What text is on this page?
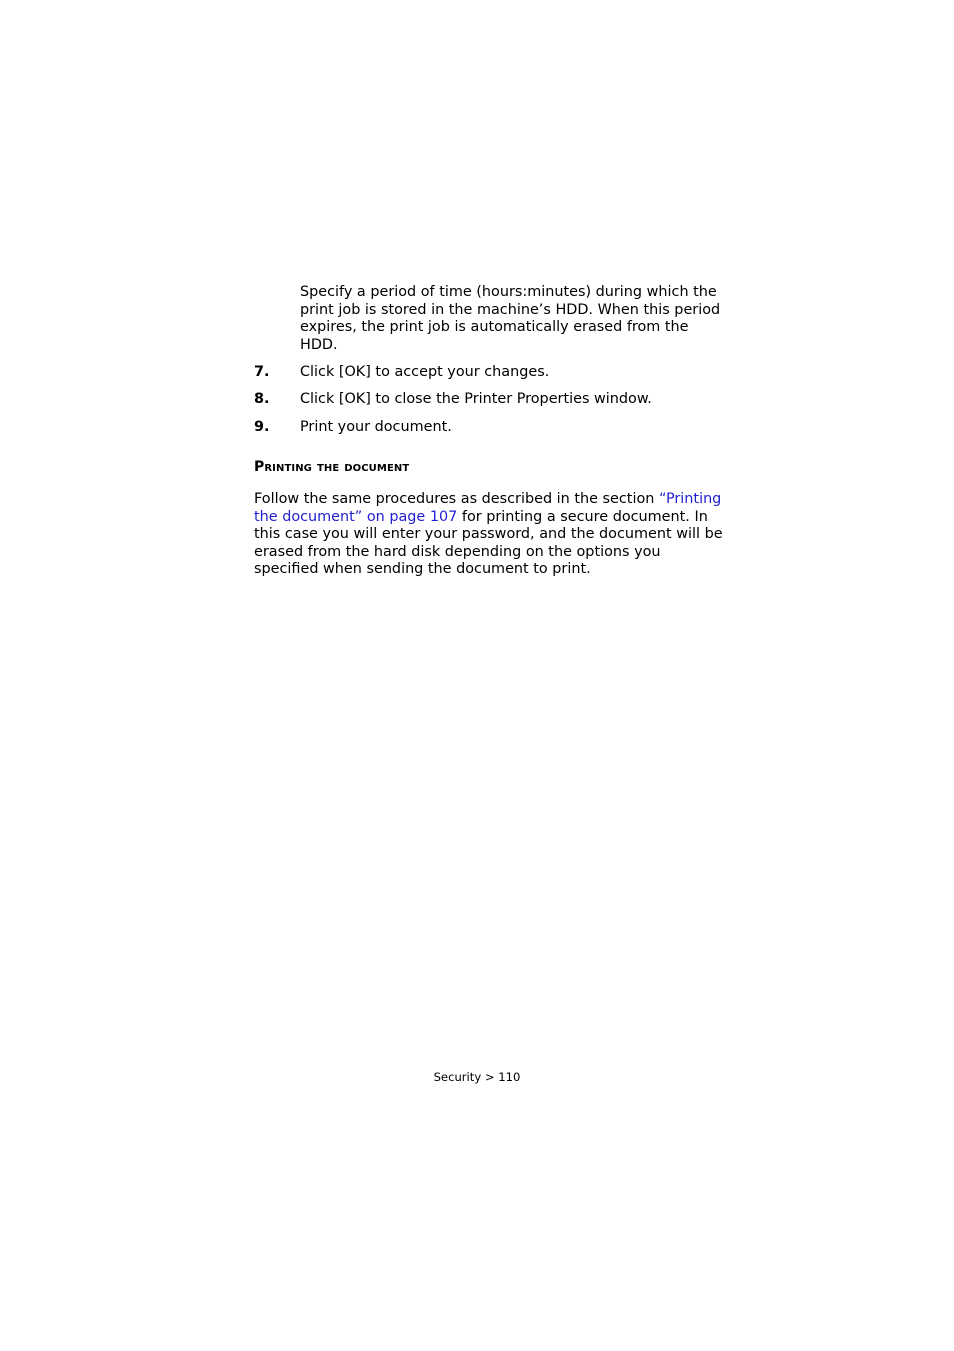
Specify a period of time (hours:minutes) during which the print job is stored in the machine’s HDD. When this period expires, the print job is automatically erased from the HDD.
7. Click [OK] to accept your changes.
8. Click [OK] to close the Printer Properties window.
9. Print your document.
Printing the document
Follow the same procedures as described in the section “Printing the document” on page 107 for printing a secure document. In this case you will enter your password, and the document will be erased from the hard disk depending on the options you specified when sending the document to print.
Security > 110
